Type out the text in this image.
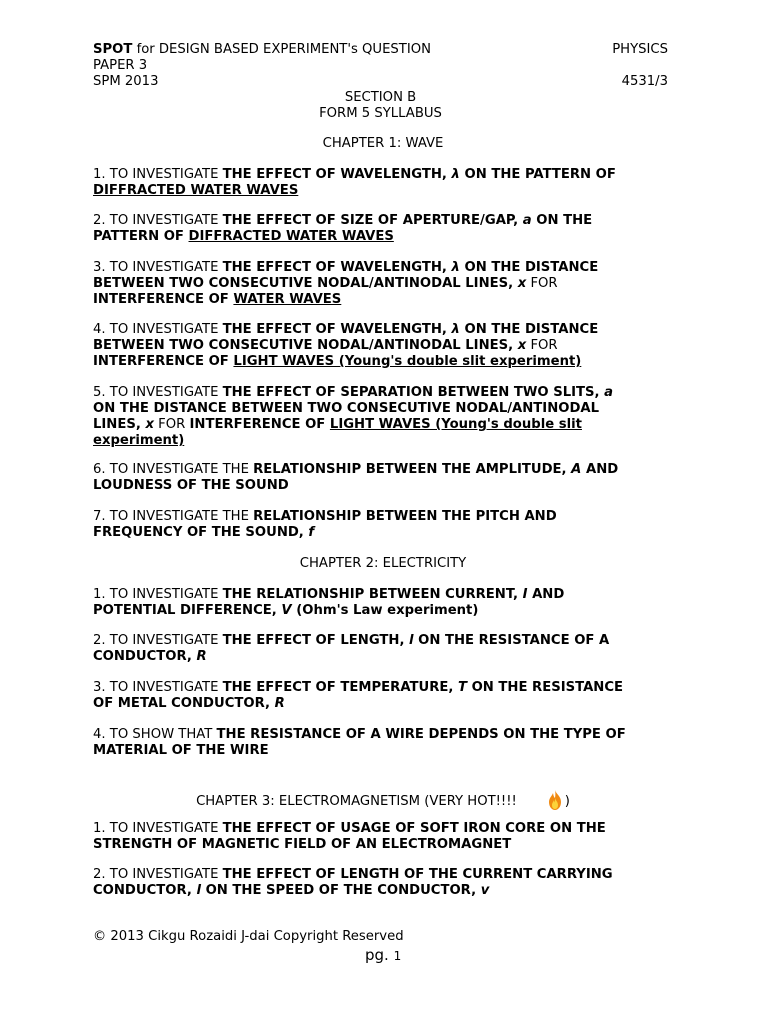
SPOT for DESIGN BASED EXPERIMENT's QUESTION	PHYSICS
PAPER 3
SPM 2013	4531/3
SECTION B
FORM 5 SYLLABUS
CHAPTER 1: WAVE
1. TO INVESTIGATE THE EFFECT OF WAVELENGTH, λ ON THE PATTERN OF
DIFFRACTED WATER WAVES
2. TO INVESTIGATE THE EFFECT OF SIZE OF APERTURE/GAP, a ON THE
PATTERN OF DIFFRACTED WATER WAVES
3. TO INVESTIGATE THE EFFECT OF WAVELENGTH, λ ON THE DISTANCE
BETWEEN TWO CONSECUTIVE NODAL/ANTINODAL LINES, x FOR
INTERFERENCE OF WATER WAVES
4. TO INVESTIGATE THE EFFECT OF WAVELENGTH, λ ON THE DISTANCE
BETWEEN TWO CONSECUTIVE NODAL/ANTINODAL LINES, x FOR
INTERFERENCE OF LIGHT WAVES (Young's double slit experiment)
5. TO INVESTIGATE THE EFFECT OF SEPARATION BETWEEN TWO SLITS, a
ON THE DISTANCE BETWEEN TWO CONSECUTIVE NODAL/ANTINODAL
LINES, x FOR INTERFERENCE OF LIGHT WAVES (Young's double slit
experiment)
6. TO INVESTIGATE THE RELATIONSHIP BETWEEN THE AMPLITUDE, A AND
LOUDNESS OF THE SOUND
7. TO INVESTIGATE THE RELATIONSHIP BETWEEN THE PITCH AND
FREQUENCY OF THE SOUND, f
CHAPTER 2: ELECTRICITY
1. TO INVESTIGATE THE RELATIONSHIP BETWEEN CURRENT, I AND
POTENTIAL DIFFERENCE, V (Ohm's Law experiment)
2. TO INVESTIGATE THE EFFECT OF LENGTH, l ON THE RESISTANCE OF A
CONDUCTOR, R
3. TO INVESTIGATE THE EFFECT OF TEMPERATURE, T ON THE RESISTANCE
OF METAL CONDUCTOR, R
4. TO SHOW THAT THE RESISTANCE OF A WIRE DEPENDS ON THE TYPE OF
MATERIAL OF THE WIRE
CHAPTER 3: ELECTROMAGNETISM (VERY HOT!!!!	)
1. TO INVESTIGATE THE EFFECT OF USAGE OF SOFT IRON CORE ON THE
STRENGTH OF MAGNETIC FIELD OF AN ELECTROMAGNET
2. TO INVESTIGATE THE EFFECT OF LENGTH OF THE CURRENT CARRYING
CONDUCTOR, l ON THE SPEED OF THE CONDUCTOR, v
© 2013 Cikgu Rozaidi J-dai Copyright Reserved
pg. 1
